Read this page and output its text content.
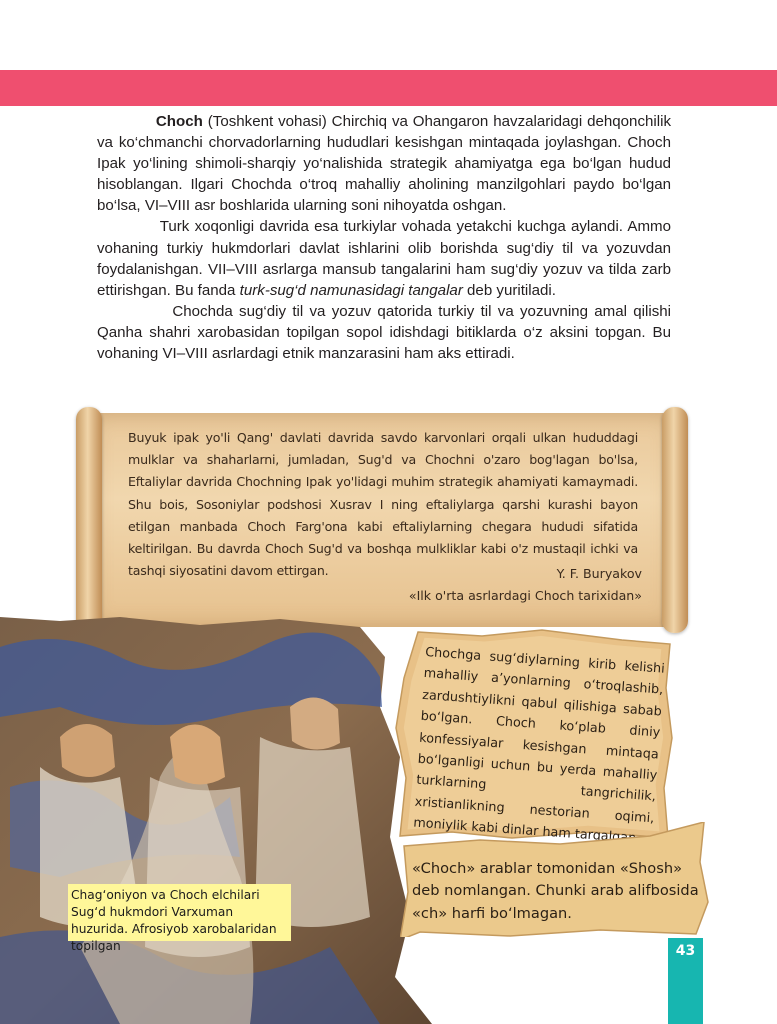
Choch (Toshkent vohasi) Chirchiq va Ohangaron havzalaridagi dehqonchilik va ko‘chmanchi chorvadorlarning hududlari kesishgan mintaqada joylashgan. Choch Ipak yo‘lining shimoli-sharqiy yo‘nalishida strategik ahamiyatga ega bo‘lgan hudud hisoblangan. Ilgari Chochda o‘troq mahalliy aholining manzilgohlari paydo bo‘lgan bo‘lsa, VI–VIII asr boshlarida ularning soni nihoyatda oshgan.

Turk xoqonligi davrida esa turkiylar vohada yetakchi kuchga aylandi. Ammo vohaning turkiy hukmdorlari davlat ishlarini olib borishda sug‘diy til va yozuvdan foydalanishgan. VII–VIII asrlarga mansub tangalarini ham sug‘diy yozuv va tilda zarb ettirishgan. Bu fanda turk-sug‘d namunasidagi tangalar deb yuritiladi.

Chochda sug‘diy til va yozuv qatorida turkiy til va yozuvning amal qilishi Qanha shahri xarobasidan topilgan sopol idishdagi bitiklarda o‘z aksini topgan. Bu vohaning VI–VIII asrlardagi etnik manzarasini ham aks ettiradi.

Buyuk ipak yo'li Qang' davlati davrida savdo karvonlari orqali ulkan hududdagi mulklar va shaharlarni, jumladan, Sug'd va Chochni o'zaro bog'lagan bo'lsa, Eftaliylar davrida Chochning Ipak yo'lidagi muhim strategik ahamiyati kamaymadi. Shu bois, Sosoniylar podshosi Xusrav I ning eftaliylarga qarshi kurashi bayon etilgan manbada Choch Farg'ona kabi eftaliylarning chegara hududi sifatida keltirilgan. Bu davrda Choch Sug'd va boshqa mulkliklar kabi o'z mustaqil ichki va tashqi siyosatini davom ettirgan.	Y. F. Buryakov
«Ilk o'rta asrlardagi Choch tarixidan»
Chag‘oniyon va Choch elchilari Sug‘d hukmdori Varxuman huzurida. Afrosiyob xarobalaridan topilgan
Chochga sug‘diylarning kirib kelishi mahalliy a’yonlarning o‘troqlashib, zardushtiylikni qabul qilishiga sabab bo‘lgan. Choch ko‘plab diniy konfessiyalar kesishgan mintaqa bo‘lganligi uchun bu yerda mahalliy turklarning tangrichilik, xristianlikning nestorian oqimi, moniylik kabi dinlar ham tarqalgan.
«Choch» arablar tomonidan «Shosh» deb nomlangan. Chunki arab alifbosida «ch» harfi bo‘lmagan.
43
